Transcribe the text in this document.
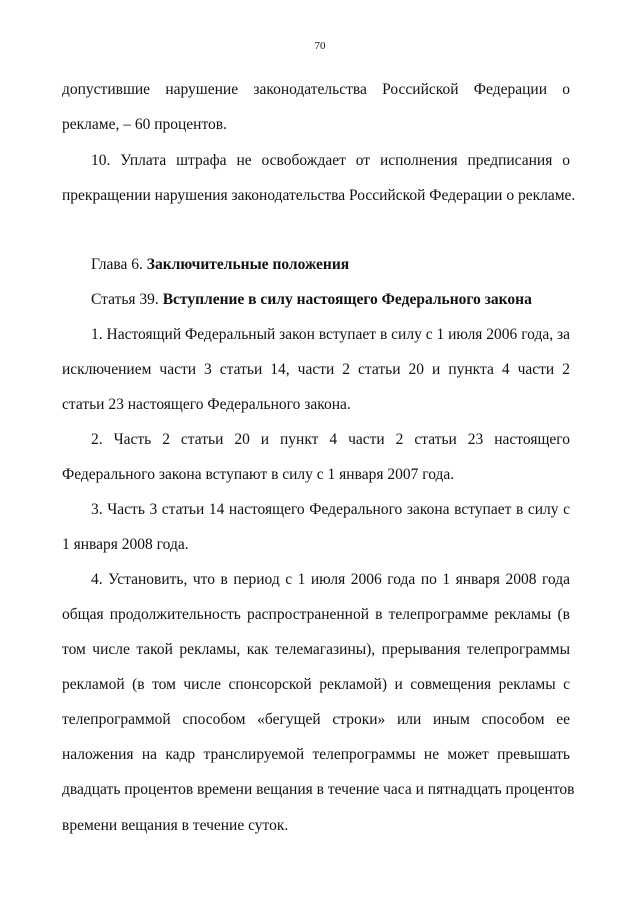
70
допустившие нарушение законодательства Российской Федерации о
рекламе, – 60 процентов.
10. Уплата штрафа не освобождает от исполнения предписания о
прекращении нарушения законодательства Российской Федерации о рекламе.
Глава 6. Заключительные положения
Статья 39. Вступление в силу настоящего Федерального закона
1. Настоящий Федеральный закон вступает в силу с 1 июля 2006 года, за
исключением части 3 статьи 14, части 2 статьи 20 и пункта 4 части 2
статьи 23 настоящего Федерального закона.
2. Часть 2 статьи 20 и пункт 4 части 2 статьи 23 настоящего
Федерального закона вступают в силу с 1 января 2007 года.
3. Часть 3 статьи 14 настоящего Федерального закона вступает в силу с
1 января 2008 года.
4. Установить, что в период с 1 июля 2006 года по 1 января 2008 года
общая продолжительность распространенной в телепрограмме рекламы (в
том числе такой рекламы, как телемагазины), прерывания телепрограммы
рекламой (в том числе спонсорской рекламой) и совмещения рекламы с
телепрограммой способом «бегущей строки» или иным способом ее
наложения на кадр транслируемой телепрограммы не может превышать
двадцать процентов времени вещания в течение часа и пятнадцать процентов
времени вещания в течение суток.
